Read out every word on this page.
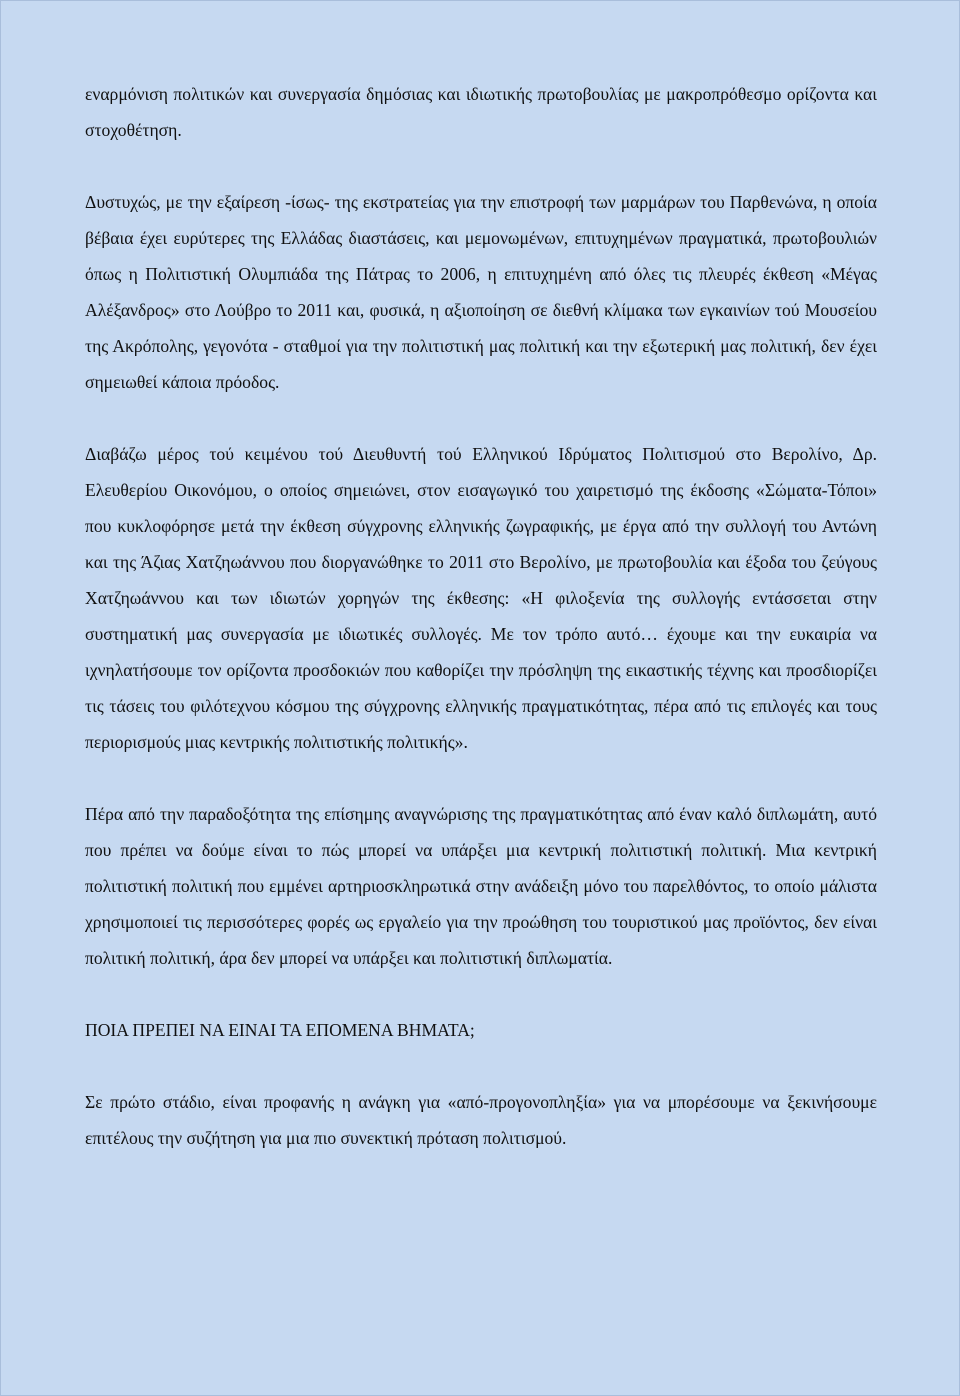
εναρμόνιση πολιτικών και συνεργασία δημόσιας και ιδιωτικής πρωτοβουλίας με μακροπρόθεσμο ορίζοντα και στοχοθέτηση.

Δυστυχώς, με την εξαίρεση -ίσως- της εκστρατείας για την επιστροφή των μαρμάρων του Παρθενώνα, η οποία βέβαια έχει ευρύτερες της Ελλάδας διαστάσεις, και μεμονωμένων, επιτυχημένων πραγματικά, πρωτοβουλιών όπως η Πολιτιστική Ολυμπιάδα της Πάτρας το 2006, η επιτυχημένη από όλες τις πλευρές έκθεση «Μέγας Αλέξανδρος» στο Λούβρο το 2011 και, φυσικά, η αξιοποίηση σε διεθνή κλίμακα των εγκαινίων τού Μουσείου της Ακρόπολης, γεγονότα - σταθμοί για την πολιτιστική μας πολιτική και την εξωτερική μας πολιτική, δεν έχει σημειωθεί κάποια πρόοδος.

Διαβάζω μέρος τού κειμένου τού Διευθυντή τού Ελληνικού Ιδρύματος Πολιτισμού στο Βερολίνο, Δρ. Ελευθερίου Οικονόμου, ο οποίος σημειώνει, στον εισαγωγικό του χαιρετισμό της έκδοσης «Σώματα-Τόποι» που κυκλοφόρησε μετά την έκθεση σύγχρονης ελληνικής ζωγραφικής, με έργα από την συλλογή του Αντώνη και της Άζιας Χατζηωάννου που διοργανώθηκε το 2011 στο Βερολίνο, με πρωτοβουλία και έξοδα του ζεύγους Χατζηωάννου και των ιδιωτών χορηγών της έκθεσης: «Η φιλοξενία της συλλογής εντάσσεται στην συστηματική μας συνεργασία με ιδιωτικές συλλογές. Με τον τρόπο αυτό… έχουμε και την ευκαιρία να ιχνηλατήσουμε τον ορίζοντα προσδοκιών που καθορίζει την πρόσληψη της εικαστικής τέχνης και προσδιορίζει τις τάσεις του φιλότεχνου κόσμου της σύγχρονης ελληνικής πραγματικότητας, πέρα από τις επιλογές και τους περιορισμούς μιας κεντρικής πολιτιστικής πολιτικής».

Πέρα από την παραδοξότητα της επίσημης αναγνώρισης της πραγματικότητας από έναν καλό διπλωμάτη, αυτό που πρέπει να δούμε είναι το πώς μπορεί να υπάρξει μια κεντρική πολιτιστική πολιτική. Μια κεντρική πολιτιστική πολιτική που εμμένει αρτηριοσκληρωτικά στην ανάδειξη μόνο του παρελθόντος, το οποίο μάλιστα χρησιμοποιεί τις περισσότερες φορές ως εργαλείο για την προώθηση του τουριστικού μας προϊόντος, δεν είναι πολιτική πολιτική, άρα δεν μπορεί να υπάρξει και πολιτιστική διπλωματία.

ΠΟΙΑ ΠΡΕΠΕΙ ΝΑ ΕΙΝΑΙ ΤΑ ΕΠΟΜΕΝΑ ΒΗΜΑΤΑ;

Σε πρώτο στάδιο, είναι προφανής η ανάγκη για «από-προγονοπληξία» για να μπορέσουμε να ξεκινήσουμε επιτέλους την συζήτηση για μια πιο συνεκτική πρόταση πολιτισμού.
